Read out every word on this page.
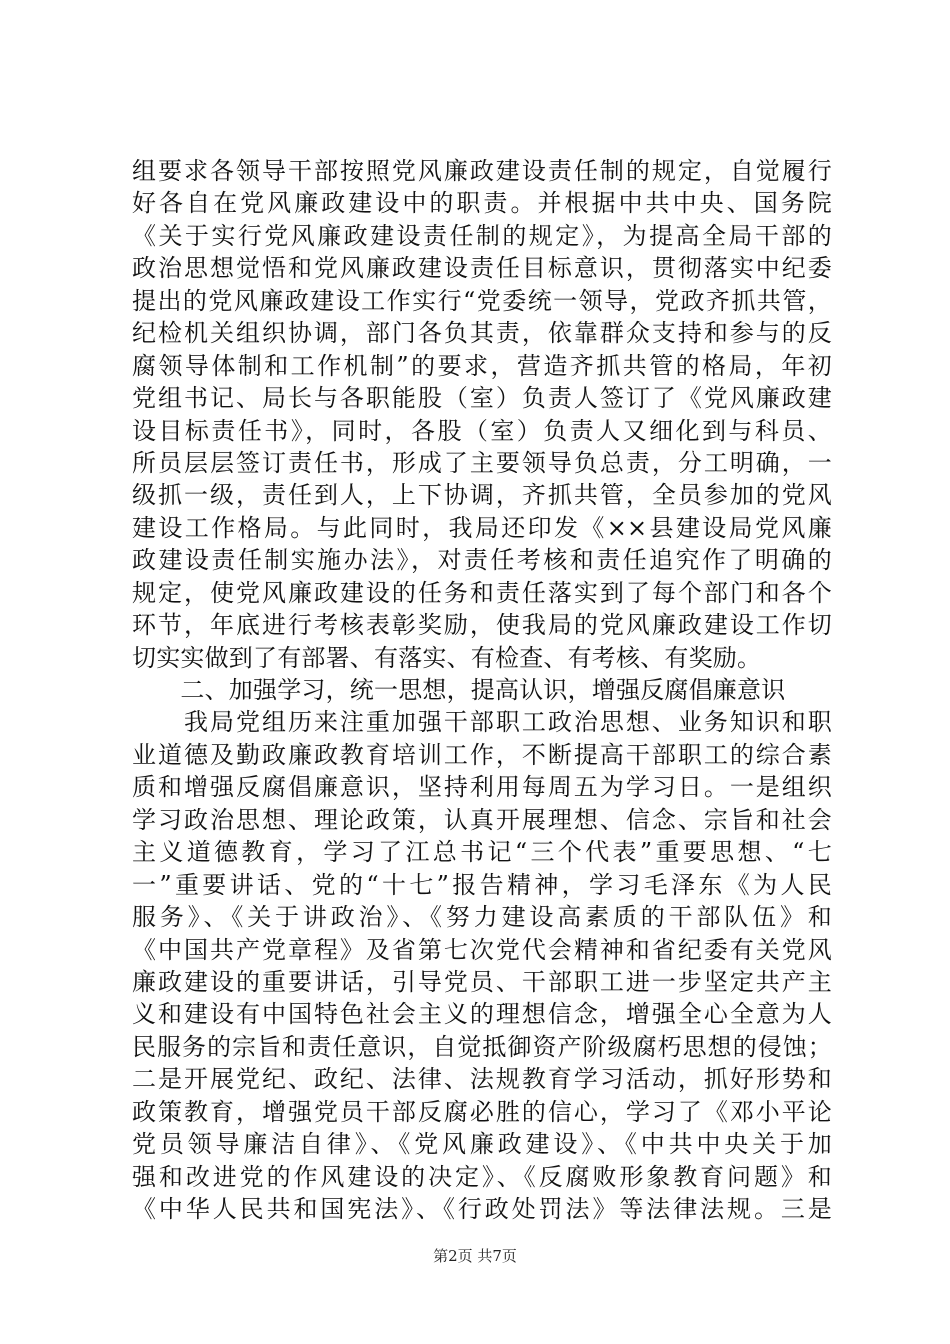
组要求各领导干部按照党风廉政建设责任制的规定，自觉履行
好各自在党风廉政建设中的职责。并根据中共中央、国务院
《关于实行党风廉政建设责任制的规定》，为提高全局干部的
政治思想觉悟和党风廉政建设责任目标意识，贯彻落实中纪委
提出的党风廉政建设工作实行“党委统一领导，党政齐抓共管，
纪检机关组织协调，部门各负其责，依靠群众支持和参与的反
腐领导体制和工作机制”的要求，营造齐抓共管的格局，年初
党组书记、局长与各职能股（室）负责人签订了《党风廉政建
设目标责任书》，同时，各股（室）负责人又细化到与科员、
所员层层签订责任书，形成了主要领导负总责，分工明确，一
级抓一级，责任到人，上下协调，齐抓共管，全员参加的党风
建设工作格局。与此同时，我局还印发《××县建设局党风廉
政建设责任制实施办法》，对责任考核和责任追究作了明确的
规定，使党风廉政建设的任务和责任落实到了每个部门和各个
环节，年底进行考核表彰奖励，使我局的党风廉政建设工作切
切实实做到了有部署、有落实、有检查、有考核、有奖励。
　　二、加强学习，统一思想，提高认识，增强反腐倡廉意识
　　我局党组历来注重加强干部职工政治思想、业务知识和职
业道德及勤政廉政教育培训工作，不断提高干部职工的综合素
质和增强反腐倡廉意识，坚持利用每周五为学习日。一是组织
学习政治思想、理论政策，认真开展理想、信念、宗旨和社会
主义道德教育，学习了江总书记“三个代表”重要思想、“七
一”重要讲话、党的“十七”报告精神，学习毛泽东《为人民
服务》、《关于讲政治》、《努力建设高素质的干部队伍》和
《中国共产党章程》及省第七次党代会精神和省纪委有关党风
廉政建设的重要讲话，引导党员、干部职工进一步坚定共产主
义和建设有中国特色社会主义的理想信念，增强全心全意为人
民服务的宗旨和责任意识，自觉抵御资产阶级腐朽思想的侵蚀；
二是开展党纪、政纪、法律、法规教育学习活动，抓好形势和
政策教育，增强党员干部反腐必胜的信心，学习了《邓小平论
党员领导廉洁自律》、《党风廉政建设》、《中共中央关于加
强和改进党的作风建设的决定》、《反腐败形象教育问题》和
《中华人民共和国宪法》、《行政处罚法》等法律法规。三是
第2页 共7页
